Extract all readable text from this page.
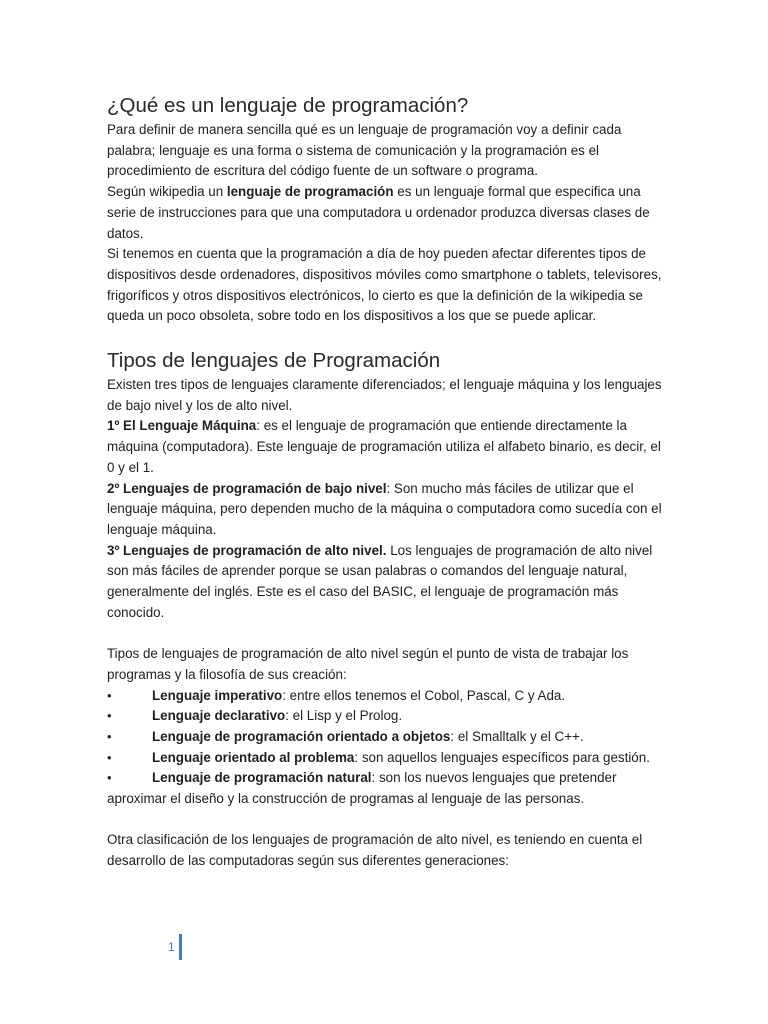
¿Qué es un lenguaje de programación?

Para definir de manera sencilla qué es un lenguaje de programación voy a definir cada palabra; lenguaje es una forma o sistema de comunicación y la programación es el procedimiento de escritura del código fuente de un software o programa.

Según wikipedia un lenguaje de programación es un lenguaje formal que especifica una serie de instrucciones para que una computadora u ordenador produzca diversas clases de datos.

Si tenemos en cuenta que la programación a día de hoy pueden afectar diferentes tipos de dispositivos desde ordenadores, dispositivos móviles como smartphone o tablets, televisores, frigoríficos y otros dispositivos electrónicos, lo cierto es que la definición de la wikipedia se queda un poco obsoleta, sobre todo en los dispositivos a los que se puede aplicar.

Tipos de lenguajes de Programación

Existen tres tipos de lenguajes claramente diferenciados; el lenguaje máquina y los lenguajes de bajo nivel y los de alto nivel.

1º El Lenguaje Máquina: es el lenguaje de programación que entiende directamente la máquina (computadora). Este lenguaje de programación utiliza el alfabeto binario, es decir, el 0 y el 1.

2º Lenguajes de programación de bajo nivel: Son mucho más fáciles de utilizar que el lenguaje máquina, pero dependen mucho de la máquina o computadora como sucedía con el lenguaje máquina.

3º Lenguajes de programación de alto nivel. Los lenguajes de programación de alto nivel son más fáciles de aprender porque se usan palabras o comandos del lenguaje natural, generalmente del inglés. Este es el caso del BASIC, el lenguaje de programación más conocido.

Tipos de lenguajes de programación de alto nivel según el punto de vista de trabajar los programas y la filosofía de sus creación:

•	Lenguaje imperativo: entre ellos tenemos el Cobol, Pascal, C y Ada.
•	Lenguaje declarativo: el Lisp y el Prolog.
•	Lenguaje de programación orientado a objetos: el Smalltalk y el C++.
•	Lenguaje orientado al problema: son aquellos lenguajes específicos para gestión.
•	Lenguaje de programación natural: son los nuevos lenguajes que pretender aproximar el diseño y la construcción de programas al lenguaje de las personas.

Otra clasificación de los lenguajes de programación de alto nivel, es teniendo en cuenta el desarrollo de las computadoras según sus diferentes generaciones:

1
